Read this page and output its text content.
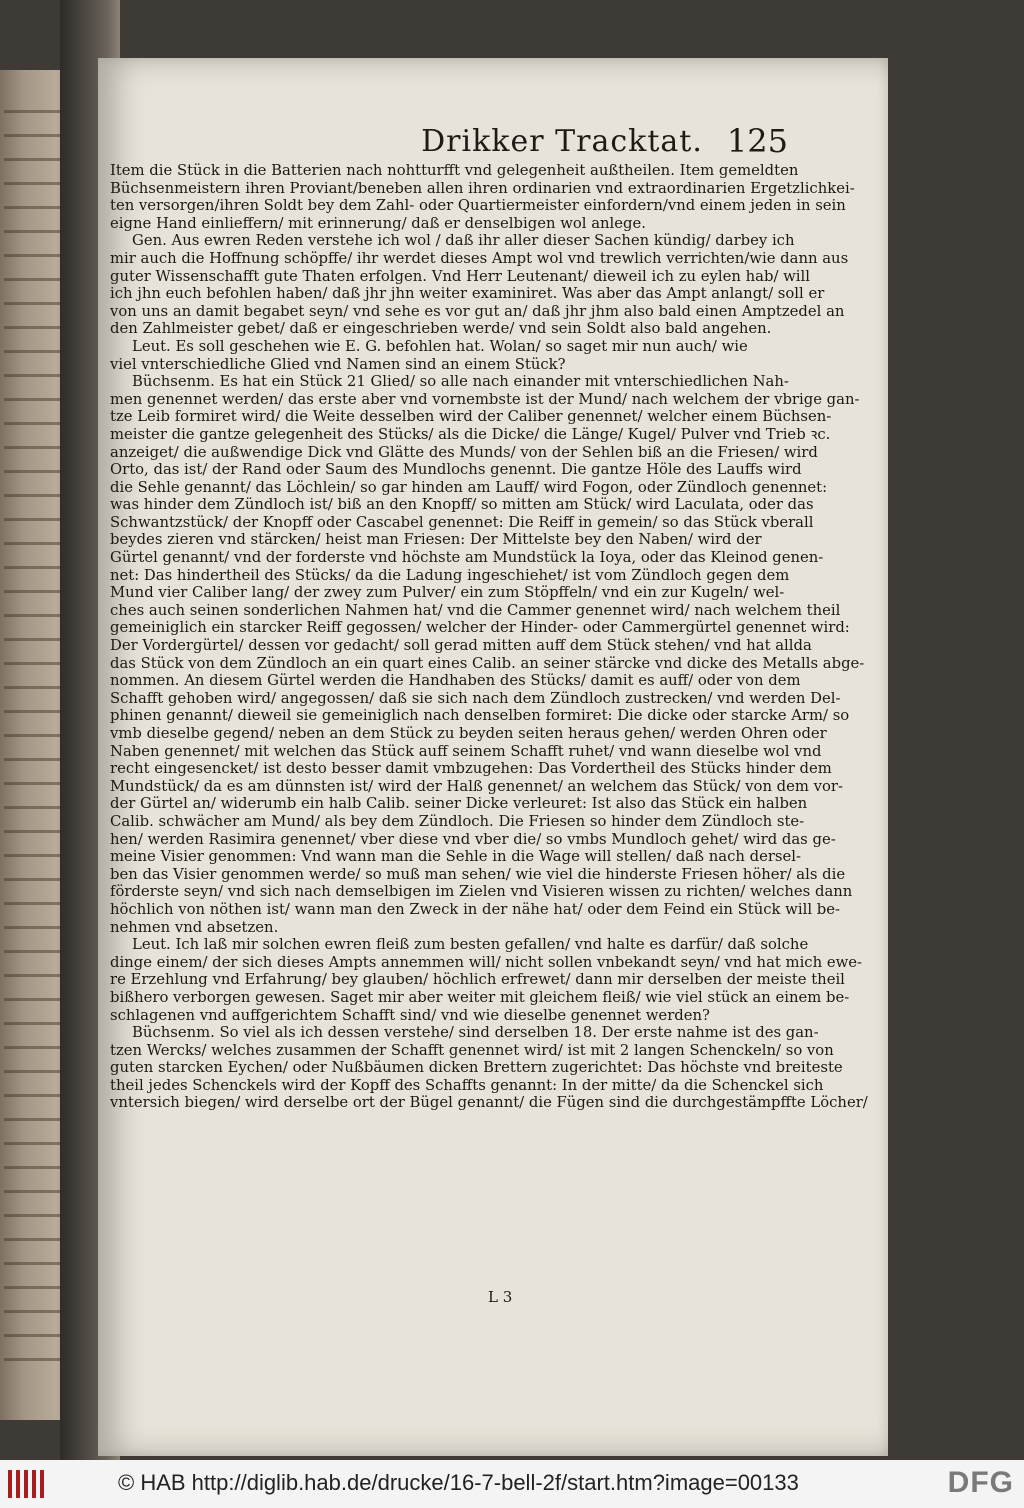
Drikker Tracktat. 125
Item die Stück in die Batterien nach nohtturfft vnd gelegenheit außtheilen. Item gemeldten
Büchsenmeistern ihren Proviant/beneben allen ihren ordinarien vnd extraordinarien Ergetzlichkei-
ten versorgen/ihren Soldt bey dem Zahl- oder Quartiermeister einfordern/vnd einem jeden in sein
eigne Hand einlieffern/ mit erinnerung/ daß er denselbigen wol anlege.
Gen. Aus ewren Reden verstehe ich wol / daß ihr aller dieser Sachen kündig/ darbey ich
mir auch die Hoffnung schöpffe/ ihr werdet dieses Ampt wol vnd trewlich verrichten/wie dann aus
guter Wissenschafft gute Thaten erfolgen. Vnd Herr Leutenant/ dieweil ich zu eylen hab/ will
ich jhn euch befohlen haben/ daß jhr jhn weiter examiniret. Was aber das Ampt anlangt/ soll er
von uns an damit begabet seyn/ vnd sehe es vor gut an/ daß jhr jhm also bald einen Amptzedel an
den Zahlmeister gebet/ daß er eingeschrieben werde/ vnd sein Soldt also bald angehen.
Leut. Es soll geschehen wie E. G. befohlen hat. Wolan/ so saget mir nun auch/ wie
viel vnterschiedliche Glied vnd Namen sind an einem Stück?
Büchsenm. Es hat ein Stück 21 Glied/ so alle nach einander mit vnterschiedlichen Nah-
men genennet werden/ das erste aber vnd vornembste ist der Mund/ nach welchem der vbrige gan-
tze Leib formiret wird/ die Weite desselben wird der Caliber genennet/ welcher einem Büchsen-
meister die gantze gelegenheit des Stücks/ als die Dicke/ die Länge/ Kugel/ Pulver vnd Trieb ꝛc.
anzeiget/ die außwendige Dick vnd Glätte des Munds/ von der Sehlen biß an die Friesen/ wird
Orto, das ist/ der Rand oder Saum des Mundlochs genennt. Die gantze Höle des Lauffs wird
die Sehle genannt/ das Löchlein/ so gar hinden am Lauff/ wird Fogon, oder Zündloch genennet:
was hinder dem Zündloch ist/ biß an den Knopff/ so mitten am Stück/ wird Laculata, oder das
Schwantzstück/ der Knopff oder Cascabel genennet: Die Reiff in gemein/ so das Stück vberall
beydes zieren vnd stärcken/ heist man Friesen: Der Mittelste bey den Naben/ wird der
Gürtel genannt/ vnd der forderste vnd höchste am Mundstück la Ioya, oder das Kleinod genen-
net: Das hindertheil des Stücks/ da die Ladung ingeschiehet/ ist vom Zündloch gegen dem
Mund vier Caliber lang/ der zwey zum Pulver/ ein zum Stöpffeln/ vnd ein zur Kugeln/ wel-
ches auch seinen sonderlichen Nahmen hat/ vnd die Cammer genennet wird/ nach welchem theil
gemeiniglich ein starcker Reiff gegossen/ welcher der Hinder- oder Cammergürtel genennet wird:
Der Vordergürtel/ dessen vor gedacht/ soll gerad mitten auff dem Stück stehen/ vnd hat allda
das Stück von dem Zündloch an ein quart eines Calib. an seiner stärcke vnd dicke des Metalls abge-
nommen. An diesem Gürtel werden die Handhaben des Stücks/ damit es auff/ oder von dem
Schafft gehoben wird/ angegossen/ daß sie sich nach dem Zündloch zustrecken/ vnd werden Del-
phinen genannt/ dieweil sie gemeiniglich nach denselben formiret: Die dicke oder starcke Arm/ so
vmb dieselbe gegend/ neben an dem Stück zu beyden seiten heraus gehen/ werden Ohren oder
Naben genennet/ mit welchen das Stück auff seinem Schafft ruhet/ vnd wann dieselbe wol vnd
recht eingesencket/ ist desto besser damit vmbzugehen: Das Vordertheil des Stücks hinder dem
Mundstück/ da es am dünnsten ist/ wird der Halß genennet/ an welchem das Stück/ von dem vor-
der Gürtel an/ widerumb ein halb Calib. seiner Dicke verleuret: Ist also das Stück ein halben
Calib. schwächer am Mund/ als bey dem Zündloch. Die Friesen so hinder dem Zündloch ste-
hen/ werden Rasimira genennet/ vber diese vnd vber die/ so vmbs Mundloch gehet/ wird das ge-
meine Visier genommen: Vnd wann man die Sehle in die Wage will stellen/ daß nach dersel-
ben das Visier genommen werde/ so muß man sehen/ wie viel die hinderste Friesen höher/ als die
förderste seyn/ vnd sich nach demselbigen im Zielen vnd Visieren wissen zu richten/ welches dann
höchlich von nöthen ist/ wann man den Zweck in der nähe hat/ oder dem Feind ein Stück will be-
nehmen vnd absetzen.
Leut. Ich laß mir solchen ewren fleiß zum besten gefallen/ vnd halte es darfür/ daß solche
dinge einem/ der sich dieses Ampts annemmen will/ nicht sollen vnbekandt seyn/ vnd hat mich ewe-
re Erzehlung vnd Erfahrung/ bey glauben/ höchlich erfrewet/ dann mir derselben der meiste theil
bißhero verborgen gewesen. Saget mir aber weiter mit gleichem fleiß/ wie viel stück an einem be-
schlagenen vnd auffgerichtem Schafft sind/ vnd wie dieselbe genennet werden?
Büchsenm. So viel als ich dessen verstehe/ sind derselben 18. Der erste nahme ist des gan-
tzen Wercks/ welches zusammen der Schafft genennet wird/ ist mit 2 langen Schenckeln/ so von
guten starcken Eychen/ oder Nußbäumen dicken Brettern zugerichtet: Das höchste vnd breiteste
theil jedes Schenckels wird der Kopff des Schaffts genannt: In der mitte/ da die Schenckel sich
vntersich biegen/ wird derselbe ort der Bügel genannt/ die Fügen sind die durchgestämpffte Löcher/
L 3
© HAB http://diglib.hab.de/drucke/16-7-bell-2f/start.htm?image=00133	DFG
